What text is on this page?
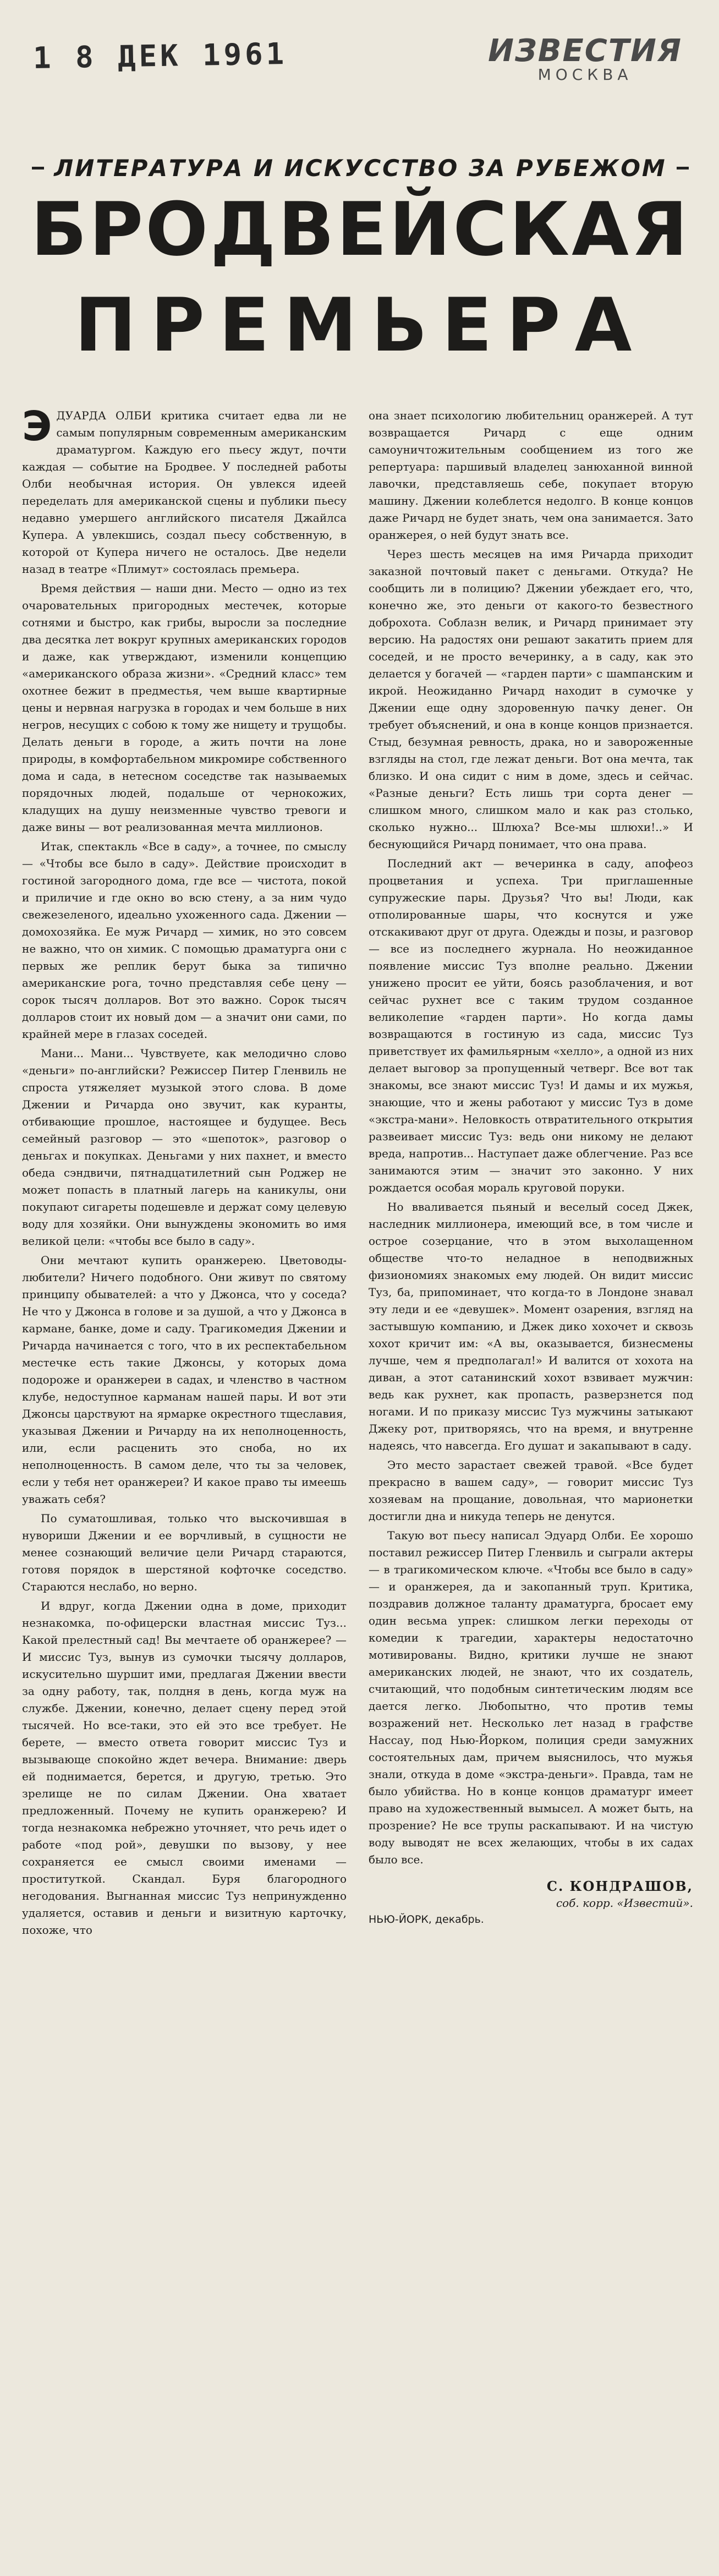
1 8 ДЕК 1961	ИЗВЕСТИЯ
МОСКВА
ЛИТЕРАТУРА И ИСКУССТВО ЗА РУБЕЖОМ
БРОДВЕЙСКАЯ
ПРЕМЬЕРА

ЭДУАРДА ОЛБИ критика считает едва ли не самым популярным современным американским драматургом. Каждую его пьесу ждут, почти каждая — событие на Бродвее. У последней работы Олби необычная история. Он увлекся идеей переделать для американской сцены и публики пьесу недавно умершего английского писателя Джайлса Купера. А увлекшись, создал пьесу собственную, в которой от Купера ничего не осталось. Две недели назад в театре «Плимут» состоялась премьера.

Время действия — наши дни. Место — одно из тех очаровательных пригородных местечек, которые сотнями и быстро, как грибы, выросли за последние два десятка лет вокруг крупных американских городов и даже, как утверждают, изменили концепцию «американского образа жизни». «Средний класс» тем охотнее бежит в предместья, чем выше квартирные цены и нервная нагрузка в городах и чем больше в них негров, несущих с собою к тому же нищету и трущобы. Делать деньги в городе, а жить почти на лоне природы, в комфортабельном микромире собственного дома и сада, в нетесном соседстве так называемых порядочных людей, подальше от чернокожих, кладущих на душу неизменные чувство тревоги и даже вины — вот реализованная мечта миллионов.

Итак, спектакль «Все в саду», а точнее, по смыслу — «Чтобы все было в саду». Действие происходит в гостиной загородного дома, где все — чистота, покой и приличие и где окно во всю стену, а за ним чудо свежезеленого, идеально ухоженного сада. Джении — домохозяйка. Ее муж Ричард — химик, но это совсем не важно, что он химик. С помощью драматурга они с первых же реплик берут быка за типично американские рога, точно представляя себе цену — сорок тысяч долларов. Вот это важно. Сорок тысяч долларов стоит их новый дом — а значит они сами, по крайней мере в глазах соседей.

Мани... Мани... Чувствуете, как мелодично слово «деньги» по-английски? Режиссер Питер Гленвиль не спроста утяжеляет музыкой этого слова. В доме Джении и Ричарда оно звучит, как куранты, отбивающие прошлое, настоящее и будущее. Весь семейный разговор — это «шепоток», разговор о деньгах и покупках. Деньгами у них пахнет, и вместо обеда сэндвичи, пятнадцатилетний сын Роджер не может попасть в платный лагерь на каникулы, они покупают сигареты подешевле и держат сому целевую воду для хозяйки. Они вынуждены экономить во имя великой цели: «чтобы все было в саду».

Они мечтают купить оранжерею. Цветоводы-любители? Ничего подобного. Они живут по святому принципу обывателей: а что у Джонса, что у соседа? Не что у Джонса в голове и за душой, а что у Джонса в кармане, банке, доме и саду. Трагикомедия Джении и Ричарда начинается с того, что в их респектабельном местечке есть такие Джонсы, у которых дома подороже и оранжереи в садах, и членство в частном клубе, недоступное карманам нашей пары. И вот эти Джонсы царствуют на ярмарке окрестного тщеславия, указывая Джении и Ричарду на их неполноценность, или, если расценить это сноба, но их неполноценность. В самом деле, что ты за человек, если у тебя нет оранжереи? И какое право ты имеешь уважать себя?

По суматошливая, только что выскочившая в нувориши Джении и ее ворчливый, в сущности не менее сознающий величие цели Ричард стараются, готовя порядок в шерстяной кофточке соседство. Стараются неслабо, но верно.

И вдруг, когда Джении одна в доме, приходит незнакомка, по-офицерски властная миссис Туз... Какой прелестный сад! Вы мечтаете об оранжерее? — И миссис Туз, вынув из сумочки тысячу долларов, искусительно шуршит ими, предлагая Джении ввести за одну работу, так, полдня в день, когда муж на службе. Джении, конечно, делает сцену перед этой тысячей. Но все-таки, это ей это все требует. Не берете, — вместо ответа говорит миссис Туз и вызывающе спокойно ждет вечера. Внимание: дверь ей поднимается, берется, и другую, третью. Это зрелище не по силам Джении. Она хватает предложенный. Почему не купить оранжерею? И тогда незнакомка небрежно уточняет, что речь идет о работе «под рой», девушки по вызову, у нее сохраняется ее смысл своими именами — проституткой. Скандал. Буря благородного негодования. Выгнанная миссис Туз непринужденно удаляется, оставив и деньги и визитную карточку, похоже, что

она знает психологию любительниц оранжерей. А тут возвращается Ричард с еще одним самоуничтожительным сообщением из того же репертуара: паршивый владелец занюханной винной лавочки, представляешь себе, покупает вторую машину. Джении колеблется недолго. В конце концов даже Ричард не будет знать, чем она занимается. Зато оранжерея, о ней будут знать все.

Через шесть месяцев на имя Ричарда приходит заказной почтовый пакет с деньгами. Откуда? Не сообщить ли в полицию? Джении убеждает его, что, конечно же, это деньги от какого-то безвестного доброхота. Соблазн велик, и Ричард принимает эту версию. На радостях они решают закатить прием для соседей, и не просто вечеринку, а в саду, как это делается у богачей — «гарден парти» с шампанским и икрой. Неожиданно Ричард находит в сумочке у Джении еще одну здоровенную пачку денег. Он требует объяснений, и она в конце концов признается. Стыд, безумная ревность, драка, но и завороженные взгляды на стол, где лежат деньги. Вот она мечта, так близко. И она сидит с ним в доме, здесь и сейчас. «Разные деньги? Есть лишь три сорта денег — слишком много, слишком мало и как раз столько, сколько нужно... Шлюха? Все-мы шлюхи!..» И беснующийся Ричард понимает, что она права.

Последний акт — вечеринка в саду, апофеоз процветания и успеха. Три приглашенные супружеские пары. Друзья? Что вы! Люди, как отполированные шары, что коснутся и уже отскакивают друг от друга. Одежды и позы, и разговор — все из последнего журнала. Но неожиданное появление миссис Туз вполне реально. Джении унижено просит ее уйти, боясь разоблачения, и вот сейчас рухнет все с таким трудом созданное великолепие «гарден парти». Но когда дамы возвращаются в гостиную из сада, миссис Туз приветствует их фамильярным «хелло», а одной из них делает выговор за пропущенный четверг. Все вот так знакомы, все знают миссис Туз! И дамы и их мужья, знающие, что и жены работают у миссис Туз в доме «экстра-мани». Неловкость отвратительного открытия развеивает миссис Туз: ведь они никому не делают вреда, напротив... Наступает даже облегчение. Раз все занимаются этим — значит это законно. У них рождается особая мораль круговой поруки.

Но вваливается пьяный и веселый сосед Джек, наследник миллионера, имеющий все, в том числе и острое созерцание, что в этом выхолащенном обществе что-то неладное в неподвижных физиономиях знакомых ему людей. Он видит миссис Туз, ба, припоминает, что когда-то в Лондоне знавал эту леди и ее «девушек». Момент озарения, взгляд на застывшую компанию, и Джек дико хохочет и сквозь хохот кричит им: «А вы, оказывается, бизнесмены лучше, чем я предполагал!» И валится от хохота на диван, а этот сатанинский хохот взвивает мужчин: ведь как рухнет, как пропасть, разверзнется под ногами. И по приказу миссис Туз мужчины затыкают Джеку рот, притворяясь, что на время, и внутренне надеясь, что навсегда. Его душат и закапывают в саду.

Это место зарастает свежей травой. «Все будет прекрасно в вашем саду», — говорит миссис Туз хозяевам на прощание, довольная, что марионетки достигли дна и никуда теперь не денутся.

Такую вот пьесу написал Эдуард Олби. Ее хорошо поставил режиссер Питер Гленвиль и сыграли актеры — в трагикомическом ключе. «Чтобы все было в саду» — и оранжерея, да и закопанный труп. Критика, поздравив должное таланту драматурга, бросает ему один весьма упрек: слишком легки переходы от комедии к трагедии, характеры недостаточно мотивированы. Видно, критики лучше не знают американских людей, не знают, что их создатель, считающий, что подобным синтетическим людям все дается легко. Любопытно, что против темы возражений нет. Несколько лет назад в графстве Нассау, под Нью-Йорком, полиция среди замужних состоятельных дам, причем выяснилось, что мужья знали, откуда в доме «экстра-деньги». Правда, там не было убийства. Но в конце концов драматург имеет право на художественный вымысел. А может быть, на прозрение? Не все трупы раскапывают. И на чистую воду выводят не всех желающих, чтобы в их садах было все.

С. КОНДРАШОВ,
соб. корр. «Известий».
НЬЮ-ЙОРК, декабрь.
